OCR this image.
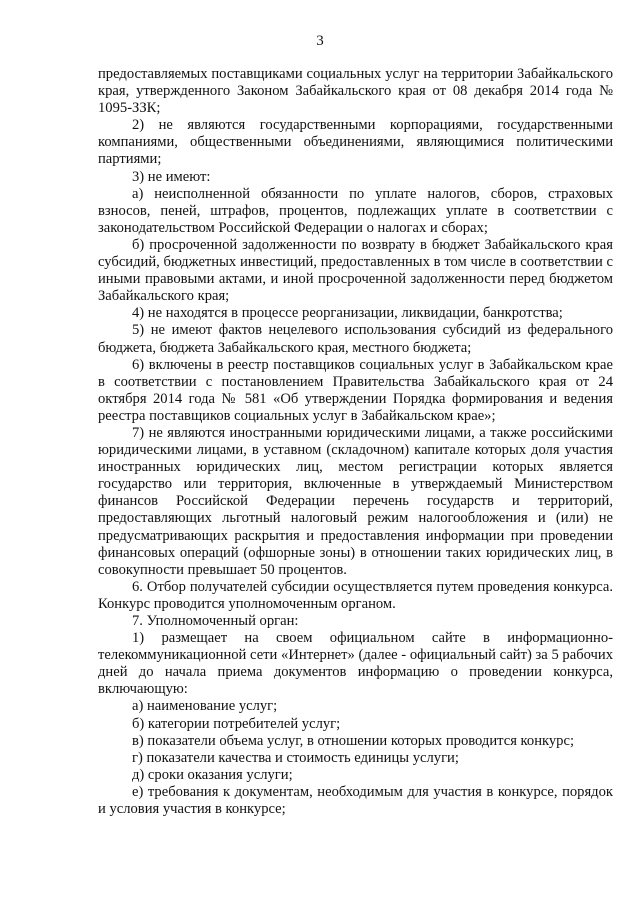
3

предоставляемых поставщиками социальных услуг на территории Забайкальского края, утвержденного Законом Забайкальского края от 08 декабря 2014 года № 1095-ЗЗК;

2) не являются государственными корпорациями, государственными компаниями, общественными объединениями, являющимися политическими партиями;

3) не имеют:

а) неисполненной обязанности по уплате налогов, сборов, страховых взносов, пеней, штрафов, процентов, подлежащих уплате в соответствии с законодательством Российской Федерации о налогах и сборах;

б) просроченной задолженности по возврату в бюджет Забайкальского края субсидий, бюджетных инвестиций, предоставленных в том числе в соответствии с иными правовыми актами, и иной просроченной задолженности перед бюджетом Забайкальского края;

4) не находятся в процессе реорганизации, ликвидации, банкротства;

5) не имеют фактов нецелевого использования субсидий из федерального бюджета, бюджета Забайкальского края, местного бюджета;

6) включены в реестр поставщиков социальных услуг в Забайкальском крае в соответствии с постановлением Правительства Забайкальского края от 24 октября 2014 года № 581 «Об утверждении Порядка формирования и ведения реестра поставщиков социальных услуг в Забайкальском крае»;

7) не являются иностранными юридическими лицами, а также российскими юридическими лицами, в уставном (складочном) капитале которых доля участия иностранных юридических лиц, местом регистрации которых является государство или территория, включенные в утверждаемый Министерством финансов Российской Федерации перечень государств и территорий, предоставляющих льготный налоговый режим налогообложения и (или) не предусматривающих раскрытия и предоставления информации при проведении финансовых операций (офшорные зоны) в отношении таких юридических лиц, в совокупности превышает 50 процентов.

6. Отбор получателей субсидии осуществляется путем проведения конкурса. Конкурс проводится уполномоченным органом.

7. Уполномоченный орган:

1) размещает на своем официальном сайте в информационно-телекоммуникационной сети «Интернет» (далее - официальный сайт) за 5 рабочих дней до начала приема документов информацию о проведении конкурса, включающую:

а) наименование услуг;

б) категории потребителей услуг;

в) показатели объема услуг, в отношении которых проводится конкурс;

г) показатели качества и стоимость единицы услуги;

д) сроки оказания услуги;

е) требования к документам, необходимым для участия в конкурсе, порядок и условия участия в конкурсе;
